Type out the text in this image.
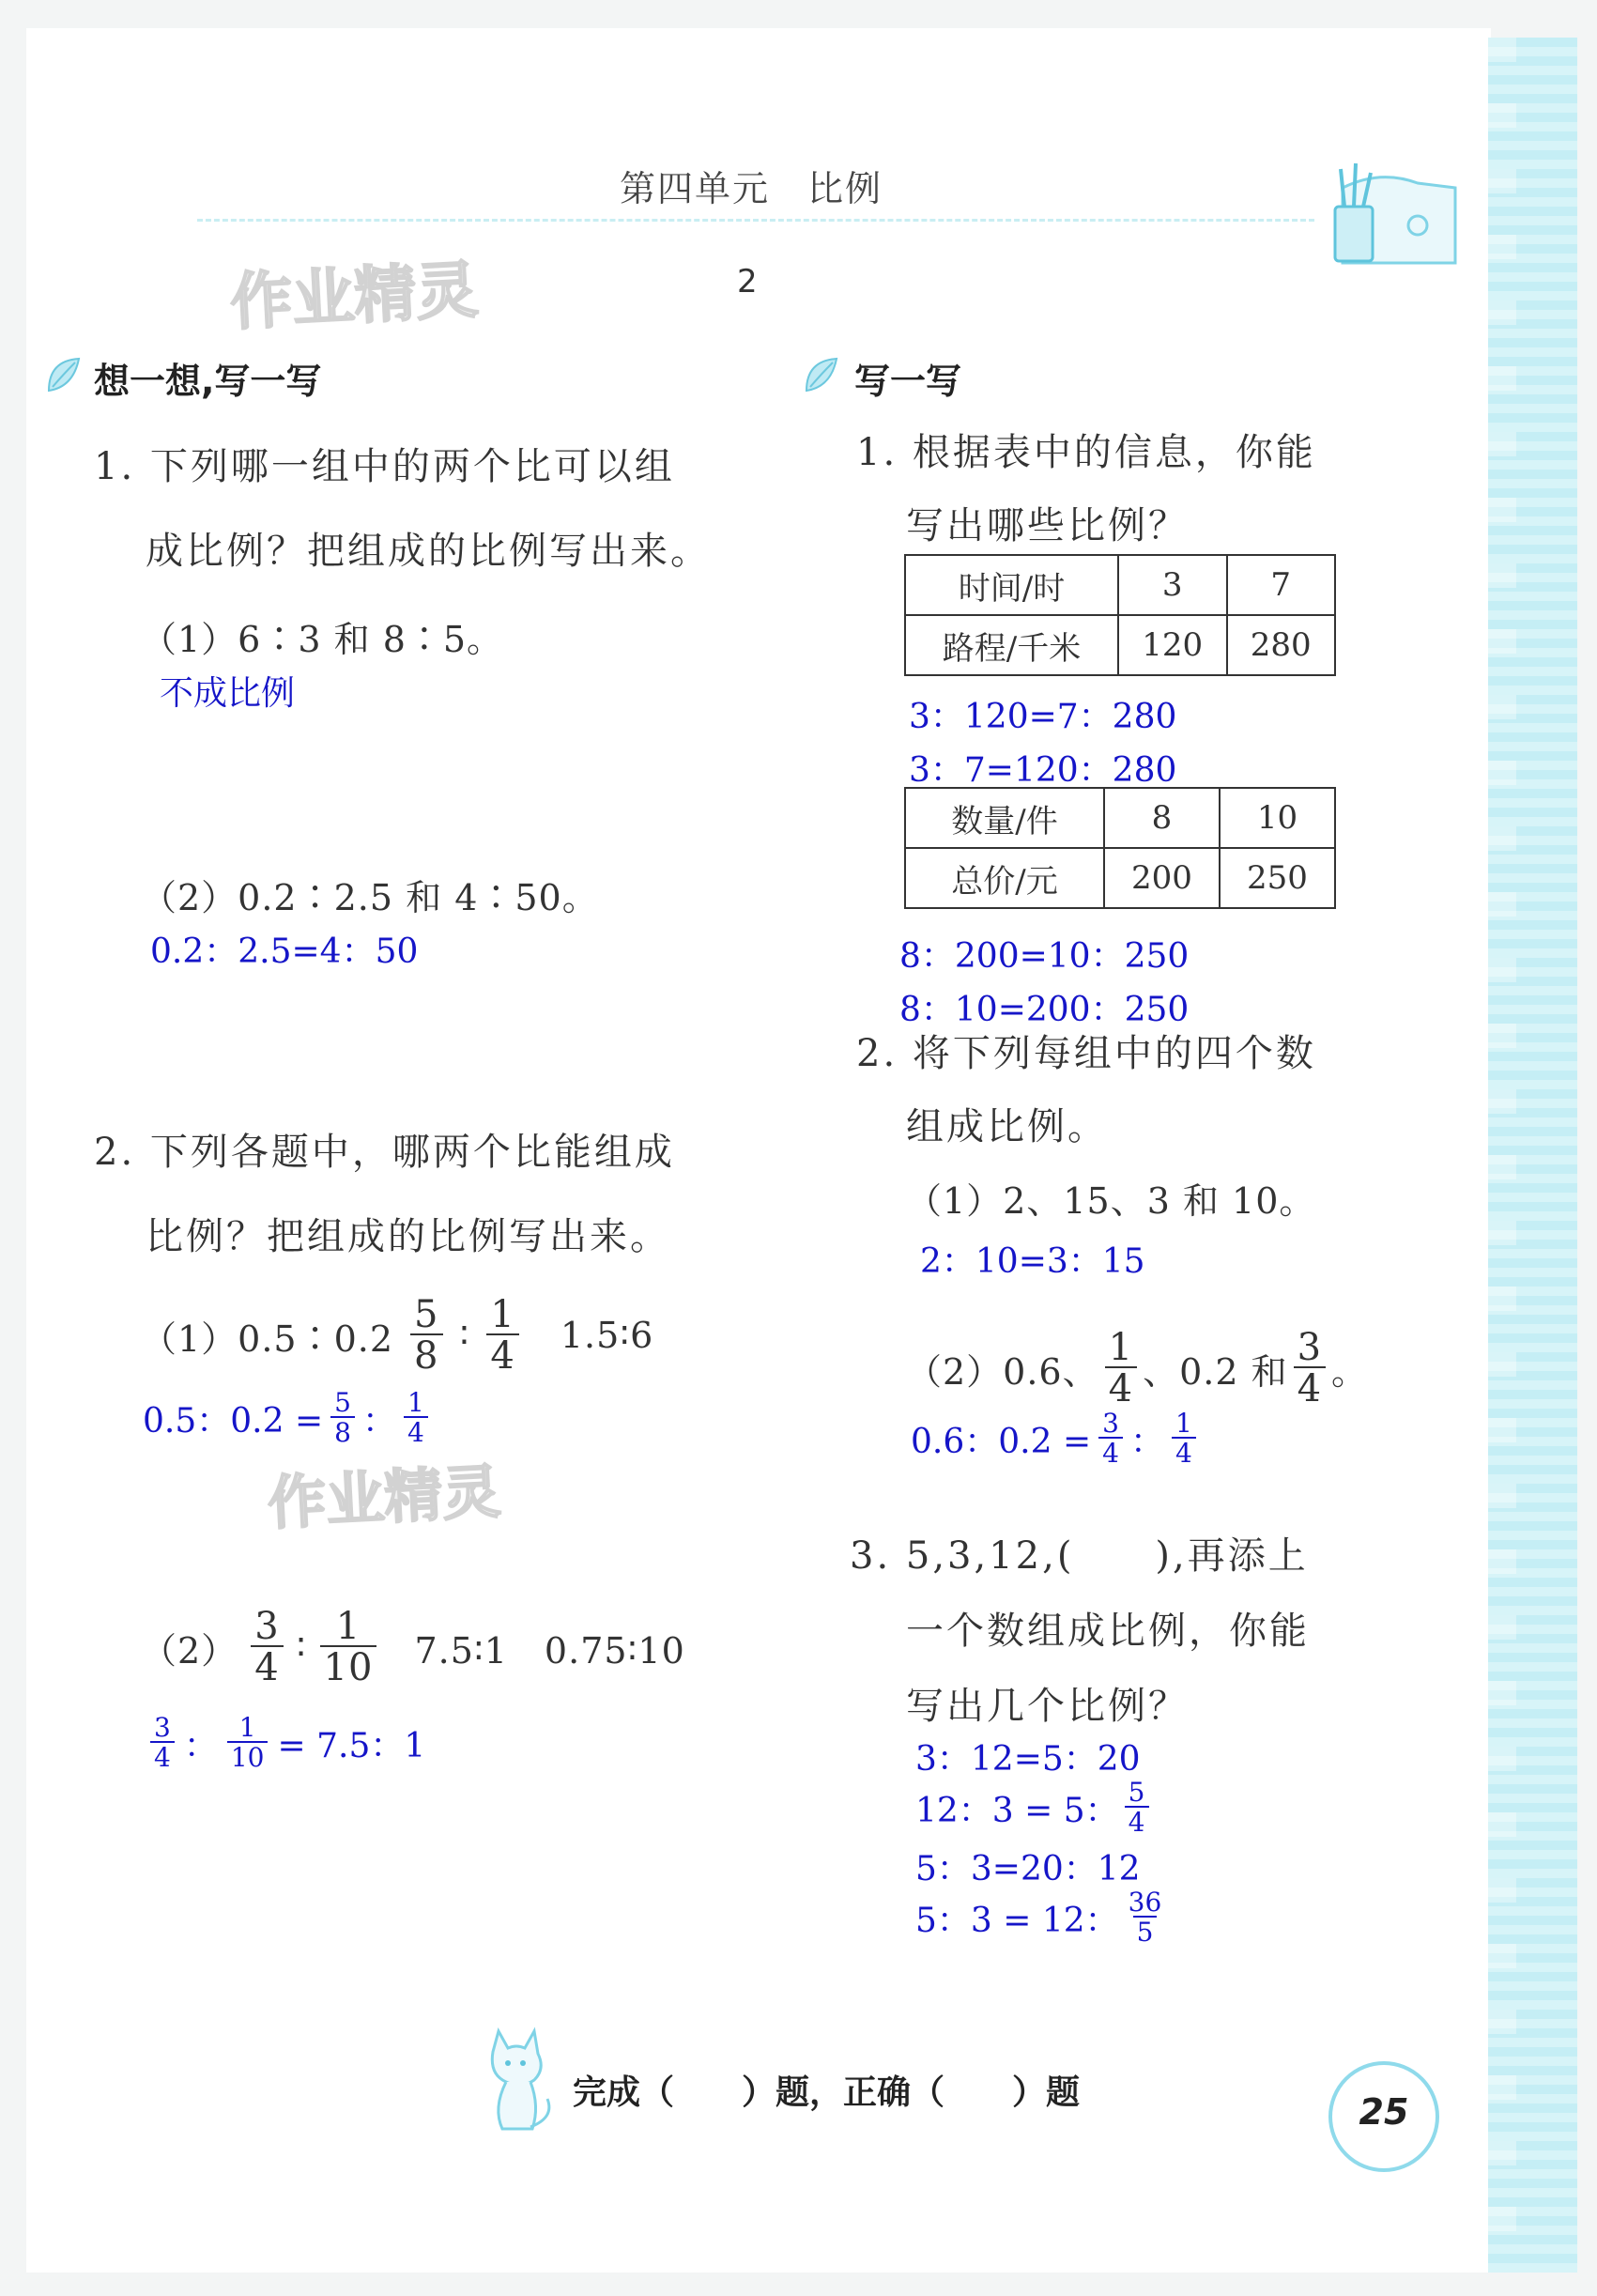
第四单元　比例
作业精灵	2
想一想,写一写
1. 下列哪一组中的两个比可以组
成比例？把组成的比例写出来。
（1）6∶3 和 8∶5。
不成比例
（2）0.2∶2.5 和 4∶50。
0.2：2.5=4：50
2. 下列各题中，哪两个比能组成
比例？把组成的比例写出来。
（1）0.5∶0.2 $\frac{5}{8}$ ∶ $\frac{1}{4}$ 1.5∶6
0.5：$0.2 = \frac{5}{8}$ ： $\frac{1}{4}$
作业精灵
$(2) \frac{3}{4}$ ∶ $\frac{1}{10}$ 7.5∶1　0.75∶10
$\frac{3}{4}$ ： $\frac{1}{10} = 7.5$：1
写一写
1. 根据表中的信息，你能
写出哪些比例？
时间/时	3	7
路程/千米	120	280
3：120=7：280
3：7=120：280
数量/件	8	10
总价/元	200	250
8：200=10：250
8：10=200：250
2. 将下列每组中的四个数
组成比例。
（1）2、15、3 和 10。
2：10=3：15
（2）0.6、 $\frac{1}{4}$ 、0.2 和 $\frac{3}{4}$ 。
0.6：$0.2 = \frac{3}{4}$ ： $\frac{1}{4}$
3. 5,3,12,(　　),再添上
一个数组成比例，你能
写出几个比例？
3：12=5：20
12：3 = 5： $\frac{5}{4}$
5：3=20：12
5：3 = 12： $\frac{36}{5}$
完成（　　）题，正确（　　）题	25
